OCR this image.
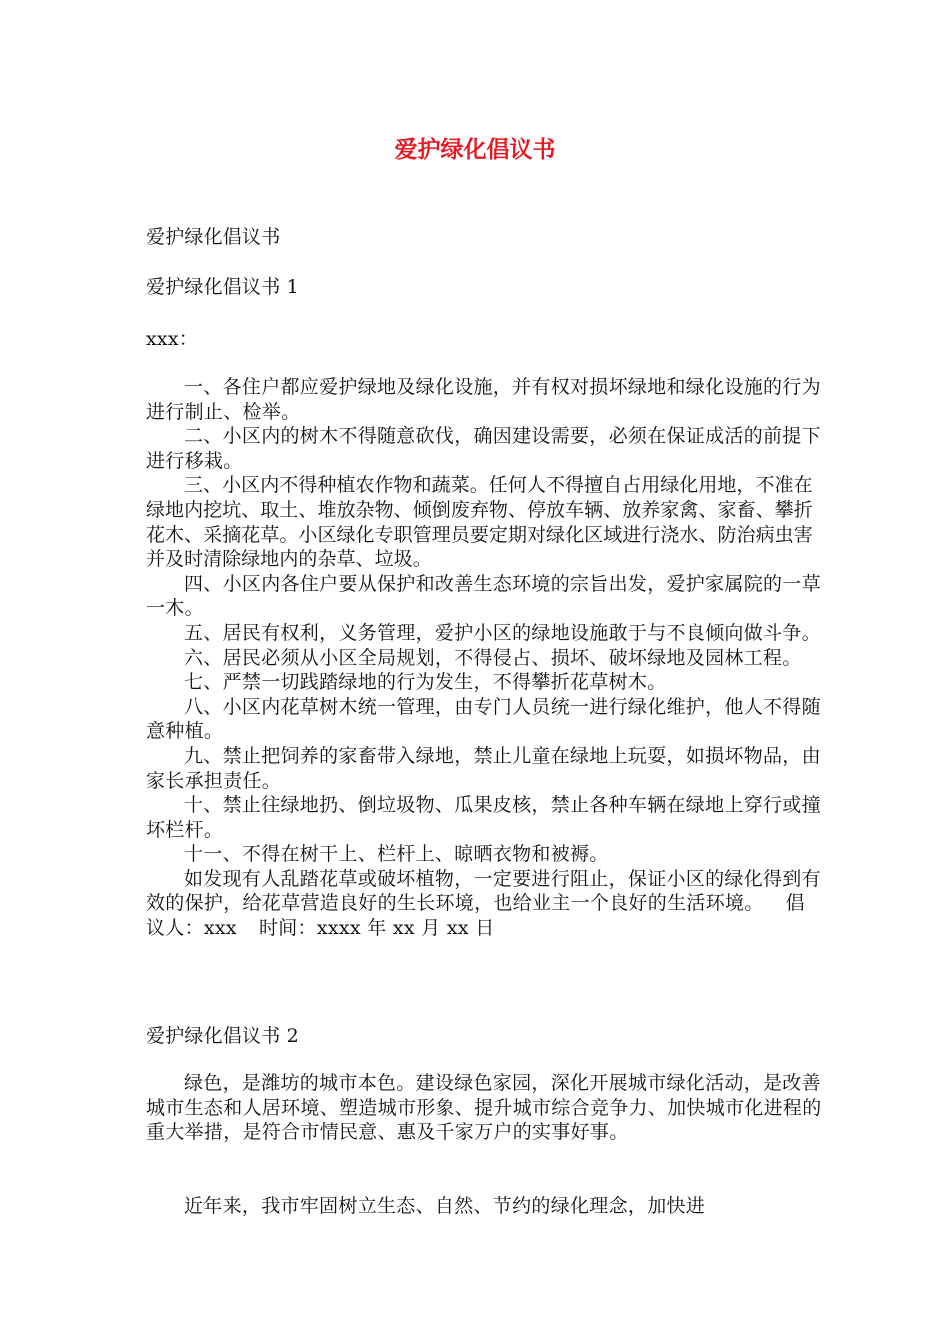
爱护绿化倡议书
爱护绿化倡议书
爱护绿化倡议书 1
xxx：

一、各住户都应爱护绿地及绿化设施，并有权对损坏绿地和绿化设施的行为进行制止、检举。

二、小区内的树木不得随意砍伐，确因建设需要，必须在保证成活的前提下进行移栽。

三、小区内不得种植农作物和蔬菜。任何人不得擅自占用绿化用地，不准在绿地内挖坑、取土、堆放杂物、倾倒废弃物、停放车辆、放养家禽、家畜、攀折花木、采摘花草。小区绿化专职管理员要定期对绿化区域进行浇水、防治病虫害并及时清除绿地内的杂草、垃圾。

四、小区内各住户要从保护和改善生态环境的宗旨出发，爱护家属院的一草一木。

五、居民有权利，义务管理，爱护小区的绿地设施敢于与不良倾向做斗争。

六、居民必须从小区全局规划，不得侵占、损坏、破坏绿地及园林工程。

七、严禁一切践踏绿地的行为发生，不得攀折花草树木。

八、小区内花草树木统一管理，由专门人员统一进行绿化维护，他人不得随意种植。

九、禁止把饲养的家畜带入绿地，禁止儿童在绿地上玩耍，如损坏物品，由家长承担责任。

十、禁止往绿地扔、倒垃圾物、瓜果皮核，禁止各种车辆在绿地上穿行或撞坏栏杆。

十一、不得在树干上、栏杆上、晾晒衣物和被褥。

如发现有人乱踏花草或破坏植物，一定要进行阻止，保证小区的绿化得到有效的保护，给花草营造良好的生长环境，也给业主一个良好的生活环境。 倡议人：xxx 时间：xxxx 年 xx 月 xx 日

爱护绿化倡议书 2

绿色，是潍坊的城市本色。建设绿色家园，深化开展城市绿化活动，是改善城市生态和人居环境、塑造城市形象、提升城市综合竞争力、加快城市化进程的重大举措，是符合市情民意、惠及千家万户的实事好事。

近年来，我市牢固树立生态、自然、节约的绿化理念，加快进
